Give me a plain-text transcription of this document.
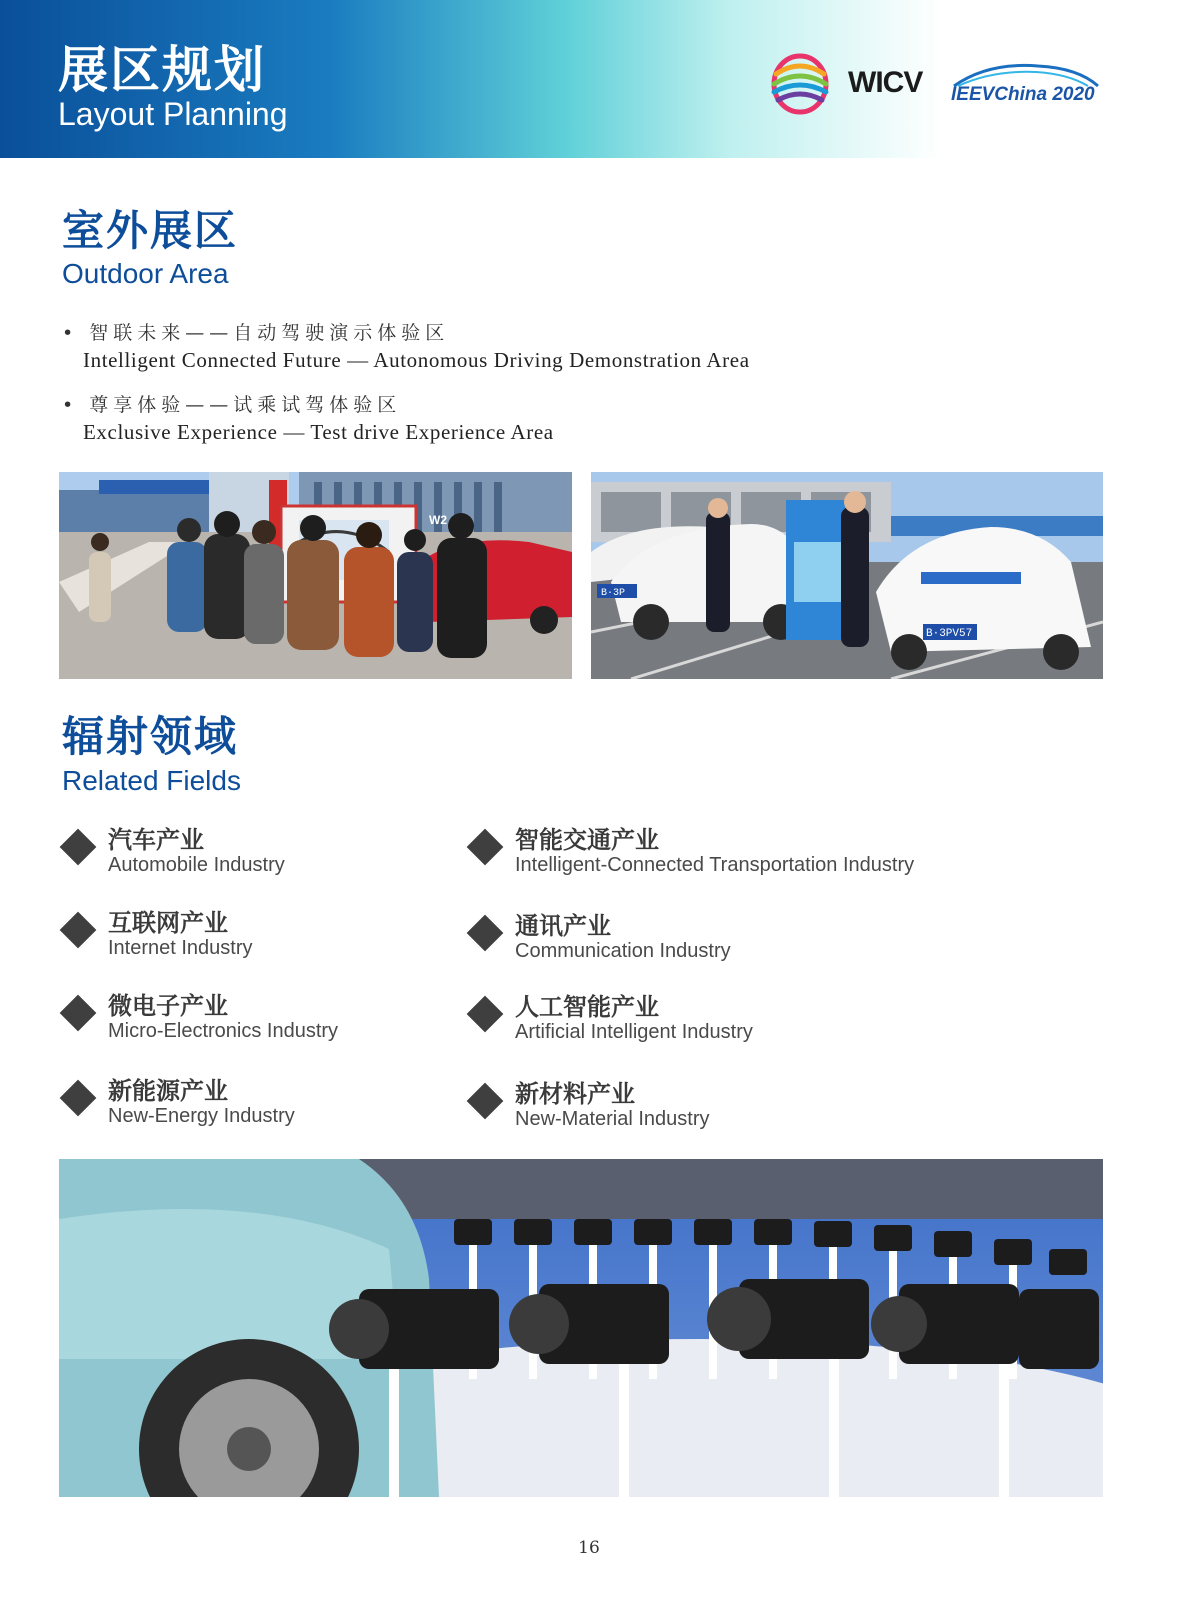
展区规划
Layout Planning
WICV IEEVChina 2020
室外展区
Outdoor Area
• 智联未来——自动驾驶演示体验区
Intelligent Connected Future — Autonomous Driving Demonstration Area
• 尊享体验——试乘试驾体验区
Exclusive Experience — Test drive Experience Area
W2
B·3P
B·3PV57
辐射领域
Related Fields
汽车产业
Automobile Industry
智能交通产业
Intelligent-Connected Transportation Industry
互联网产业
Internet Industry
通讯产业
Communication Industry
微电子产业
Micro-Electronics Industry
人工智能产业
Artificial Intelligent Industry
新能源产业
New-Energy Industry
新材料产业
New-Material Industry
16
